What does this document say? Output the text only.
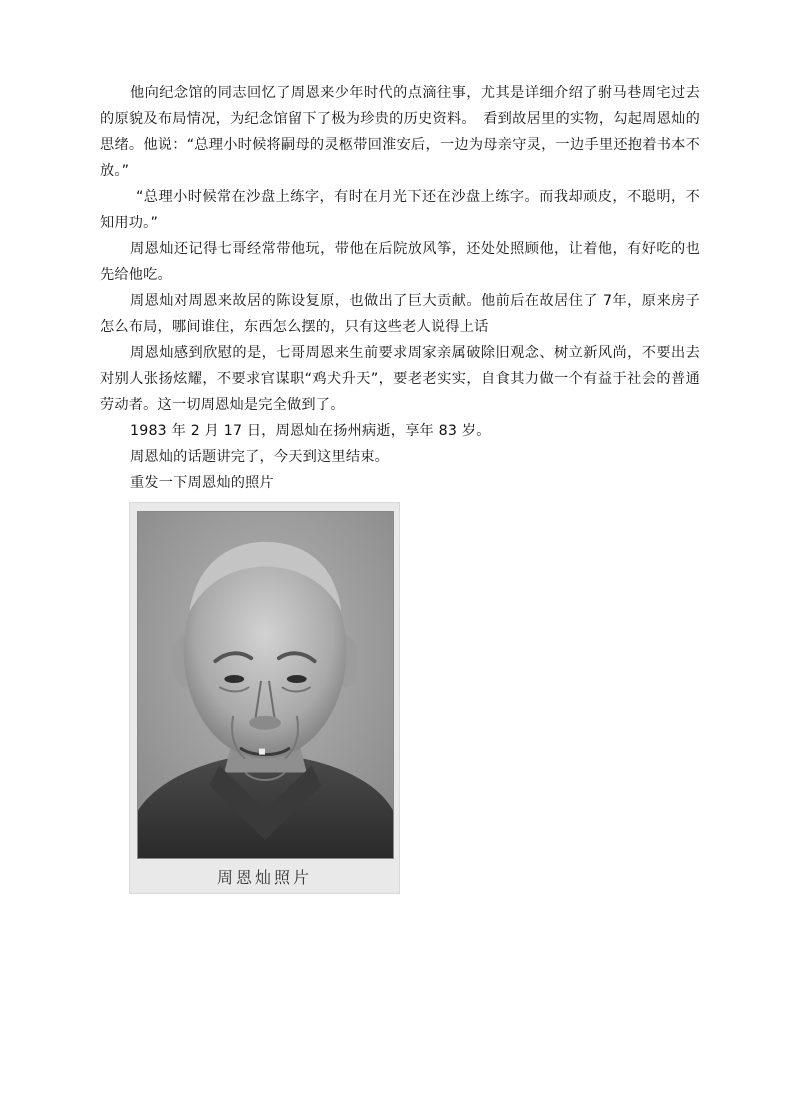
他向纪念馆的同志回忆了周恩来少年时代的点滴往事，尤其是详细介绍了驸马巷周宅过去的原貌及布局情况，为纪念馆留下了极为珍贵的历史资料。　看到故居里的实物，勾起周恩灿的思绪。他说：“总理小时候将嗣母的灵柩带回淮安后，一边为母亲守灵，一边手里还抱着书本不放。”

“总理小时候常在沙盘上练字，有时在月光下还在沙盘上练字。而我却顽皮，不聪明，不知用功。”

周恩灿还记得七哥经常带他玩，带他在后院放风筝，还处处照顾他，让着他，有好吃的也先给他吃。

周恩灿对周恩来故居的陈设复原，也做出了巨大贡献。他前后在故居住了 7年，原来房子怎么布局，哪间谁住，东西怎么摆的，只有这些老人说得上话

周恩灿感到欣慰的是，七哥周恩来生前要求周家亲属破除旧观念、树立新风尚，不要出去对别人张扬炫耀，不要求官谋职“鸡犬升天”，要老老实实，自食其力做一个有益于社会的普通劳动者。这一切周恩灿是完全做到了。

1983 年 2 月 17 日，周恩灿在扬州病逝，享年 83 岁。

周恩灿的话题讲完了，今天到这里结束。

重发一下周恩灿的照片

周恩灿照片
